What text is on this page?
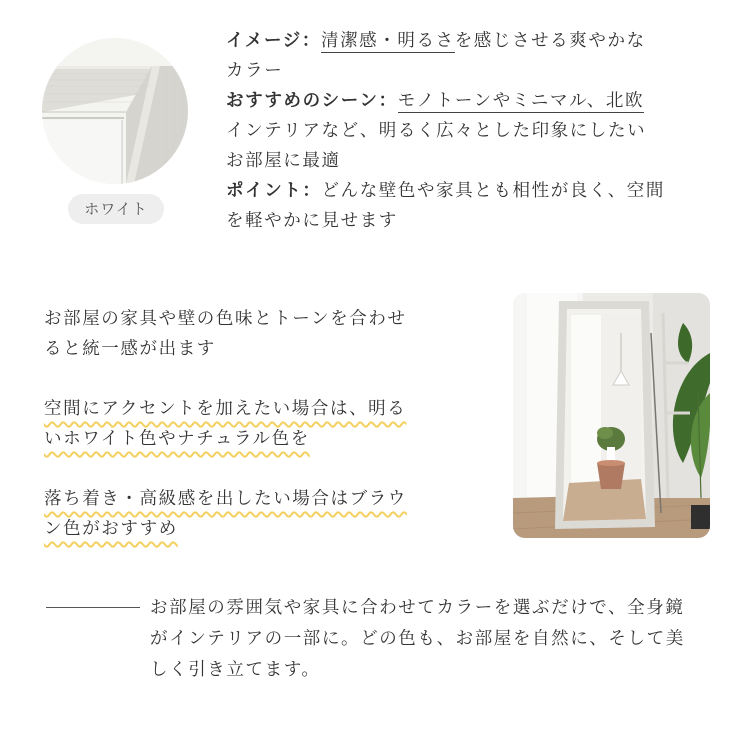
ホワイト
イメージ：清潔感・明るさを感じさせる爽やかな
カラー
おすすめのシーン：モノトーンやミニマル、北欧
インテリアなど、明るく広々とした印象にしたい
お部屋に最適
ポイント：どんな壁色や家具とも相性が良く、空間
を軽やかに見せます
お部屋の家具や壁の色味とトーンを合わせ
ると統一感が出ます
空間にアクセントを加えたい場合は、明る
いホワイト色やナチュラル色を
落ち着き・高級感を出したい場合はブラウ
ン色がおすすめ
お部屋の雰囲気や家具に合わせてカラーを選ぶだけで、全身鏡
がインテリアの一部に。どの色も、お部屋を自然に、そして美
しく引き立てます。
